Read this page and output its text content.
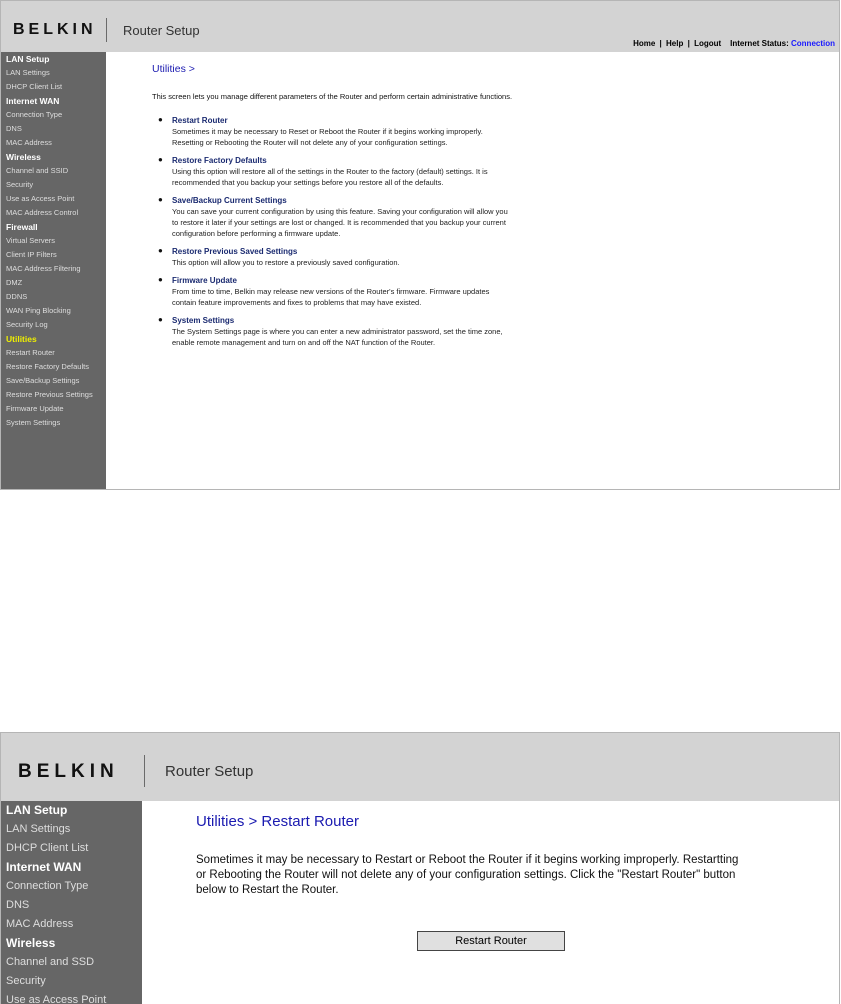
BELKIN Router Setup
Home | Help | Logout Internet Status: Connection
LAN Setup
LAN Settings
DHCP Client List
Internet WAN
Connection Type
DNS
MAC Address
Wireless
Channel and SSID
Security
Use as Access Point
MAC Address Control
Firewall
Virtual Servers
Client IP Filters
MAC Address Filtering
DMZ
DDNS
WAN Ping Blocking
Security Log
Utilities
Restart Router
Restore Factory Defaults
Save/Backup Settings
Restore Previous Settings
Firmware Update
System Settings
Utilities >
This screen lets you manage different parameters of the Router and perform certain administrative functions.
● Restart Router
Sometimes it may be necessary to Reset or Reboot the Router if it begins working improperly.
Resetting or Rebooting the Router will not delete any of your configuration settings.
● Restore Factory Defaults
Using this option will restore all of the settings in the Router to the factory (default) settings. It is
recommended that you backup your settings before you restore all of the defaults.
● Save/Backup Current Settings
You can save your current configuration by using this feature. Saving your configuration will allow you
to restore it later if your settings are lost or changed. It is recommended that you backup your current
configuration before performing a firmware update.
● Restore Previous Saved Settings
This option will allow you to restore a previously saved configuration.
● Firmware Update
From time to time, Belkin may release new versions of the Router's firmware. Firmware updates
contain feature improvements and fixes to problems that may have existed.
● System Settings
The System Settings page is where you can enter a new administrator password, set the time zone,
enable remote management and turn on and off the NAT function of the Router.
BELKIN	Router Setup
LAN Setup
LAN Settings
DHCP Client List
Internet WAN
Connection Type
DNS
MAC Address
Wireless
Channel and SSD
Security
Use as Access Point
Utilities > Restart Router
Sometimes it may be necessary to Restart or Reboot the Router if it begins working improperly. Restartting
or Rebooting the Router will not delete any of your configuration settings. Click the "Restart Router" button
below to Restart the Router.
Restart Router
